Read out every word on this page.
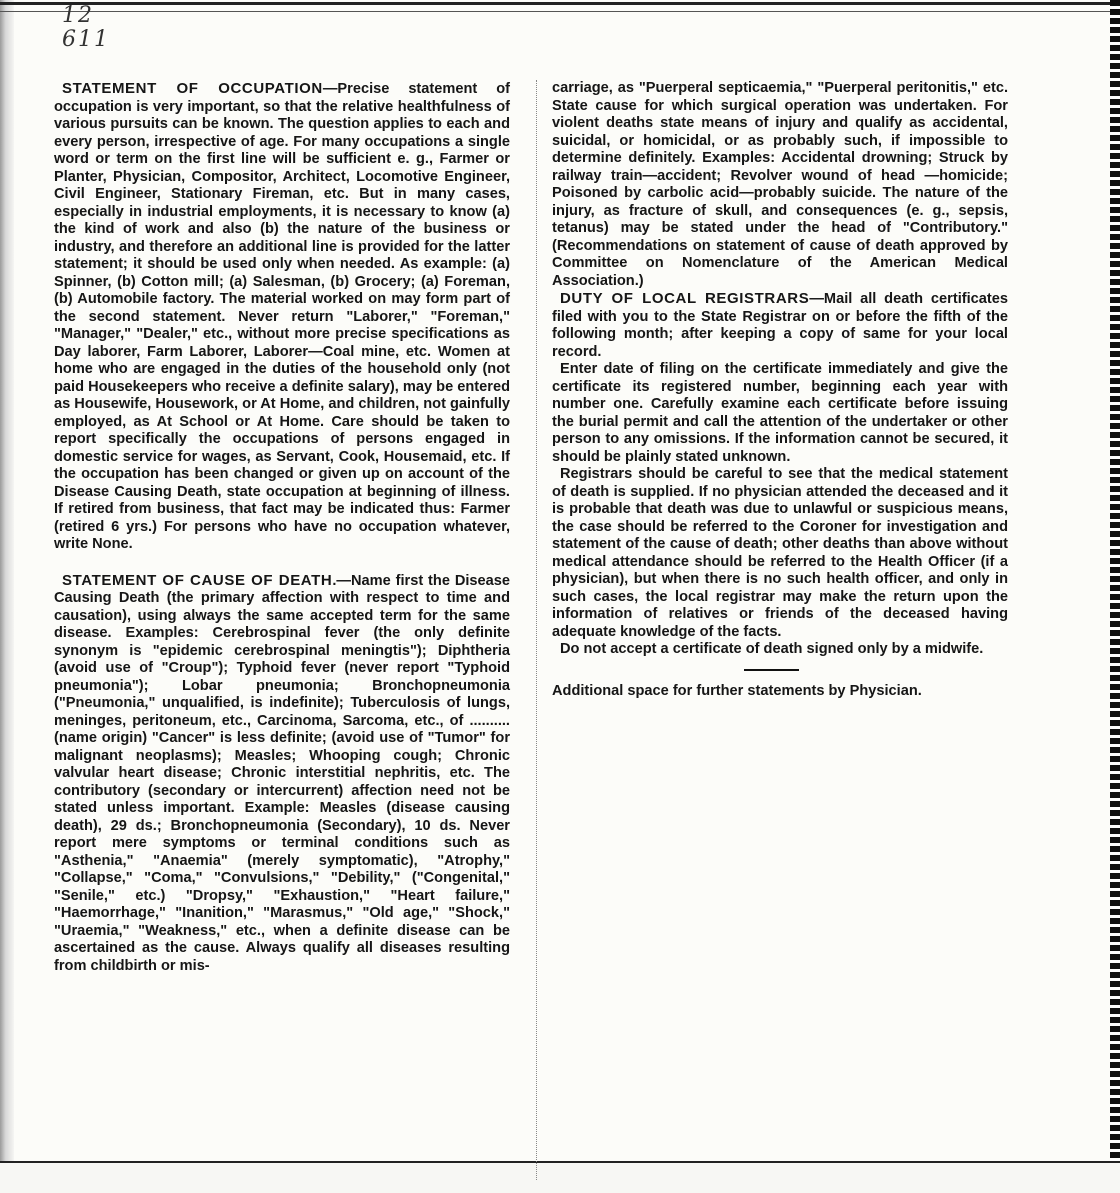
12
611

STATEMENT OF OCCUPATION—Precise statement of occupation is very important, so that the relative healthfulness of various pursuits can be known. The question applies to each and every person, irrespective of age. For many occupations a single word or term on the first line will be sufficient e. g., Farmer or Planter, Physician, Compositor, Architect, Locomotive Engineer, Civil Engineer, Stationary Fireman, etc. But in many cases, especially in industrial employments, it is necessary to know (a) the kind of work and also (b) the nature of the business or industry, and therefore an additional line is provided for the latter statement; it should be used only when needed. As example: (a) Spinner, (b) Cotton mill; (a) Salesman, (b) Grocery; (a) Foreman, (b) Automobile factory. The material worked on may form part of the second statement. Never return "Laborer," "Foreman," "Manager," "Dealer," etc., without more precise specifications as Day laborer, Farm Laborer, Laborer—Coal mine, etc. Women at home who are engaged in the duties of the household only (not paid Housekeepers who receive a definite salary), may be entered as Housewife, Housework, or At Home, and children, not gainfully employed, as At School or At Home. Care should be taken to report specifically the occupations of persons engaged in domestic service for wages, as Servant, Cook, Housemaid, etc. If the occupation has been changed or given up on account of the Disease Causing Death, state occupation at beginning of illness. If retired from business, that fact may be indicated thus: Farmer (retired 6 yrs.) For persons who have no occupation whatever, write None.

STATEMENT OF CAUSE OF DEATH.—Name first the Disease Causing Death (the primary affection with respect to time and causation), using always the same accepted term for the same disease. Examples: Cerebrospinal fever (the only definite synonym is "epidemic cerebrospinal meningtis"); Diphtheria (avoid use of "Croup"); Typhoid fever (never report "Typhoid pneumonia"); Lobar pneumonia; Bronchopneumonia ("Pneumonia," unqualified, is indefinite); Tuberculosis of lungs, meninges, peritoneum, etc., Carcinoma, Sarcoma, etc., of .......... (name origin) "Cancer" is less definite; (avoid use of "Tumor" for malignant neoplasms); Measles; Whooping cough; Chronic valvular heart disease; Chronic interstitial nephritis, etc. The contributory (secondary or intercurrent) affection need not be stated unless important. Example: Measles (disease causing death), 29 ds.; Bronchopneumonia (Secondary), 10 ds. Never report mere symptoms or terminal conditions such as "Asthenia," "Anaemia" (merely symptomatic), "Atrophy," "Collapse," "Coma," "Convulsions," "Debility," ("Congenital," "Senile," etc.) "Dropsy," "Exhaustion," "Heart failure," "Haemorrhage," "Inanition," "Marasmus," "Old age," "Shock," "Uraemia," "Weakness," etc., when a definite disease can be ascertained as the cause. Always qualify all diseases resulting from childbirth or mis-

carriage, as "Puerperal septicaemia," "Puerperal peritonitis," etc. State cause for which surgical operation was undertaken. For violent deaths state means of injury and qualify as accidental, suicidal, or homicidal, or as probably such, if impossible to determine definitely. Examples: Accidental drowning; Struck by railway train—accident; Revolver wound of head —homicide; Poisoned by carbolic acid—probably suicide. The nature of the injury, as fracture of skull, and consequences (e. g., sepsis, tetanus) may be stated under the head of "Contributory." (Recommendations on statement of cause of death approved by Committee on Nomenclature of the American Medical Association.)

DUTY OF LOCAL REGISTRARS—Mail all death certificates filed with you to the State Registrar on or before the fifth of the following month; after keeping a copy of same for your local record.

Enter date of filing on the certificate immediately and give the certificate its registered number, beginning each year with number one. Carefully examine each certificate before issuing the burial permit and call the attention of the undertaker or other person to any omissions. If the information cannot be secured, it should be plainly stated unknown.

Registrars should be careful to see that the medical statement of death is supplied. If no physician attended the deceased and it is probable that death was due to unlawful or suspicious means, the case should be referred to the Coroner for investigation and statement of the cause of death; other deaths than above without medical attendance should be referred to the Health Officer (if a physician), but when there is no such health officer, and only in such cases, the local registrar may make the return upon the information of relatives or friends of the deceased having adequate knowledge of the facts.

Do not accept a certificate of death signed only by a midwife.

Additional space for further statements by Physician.
